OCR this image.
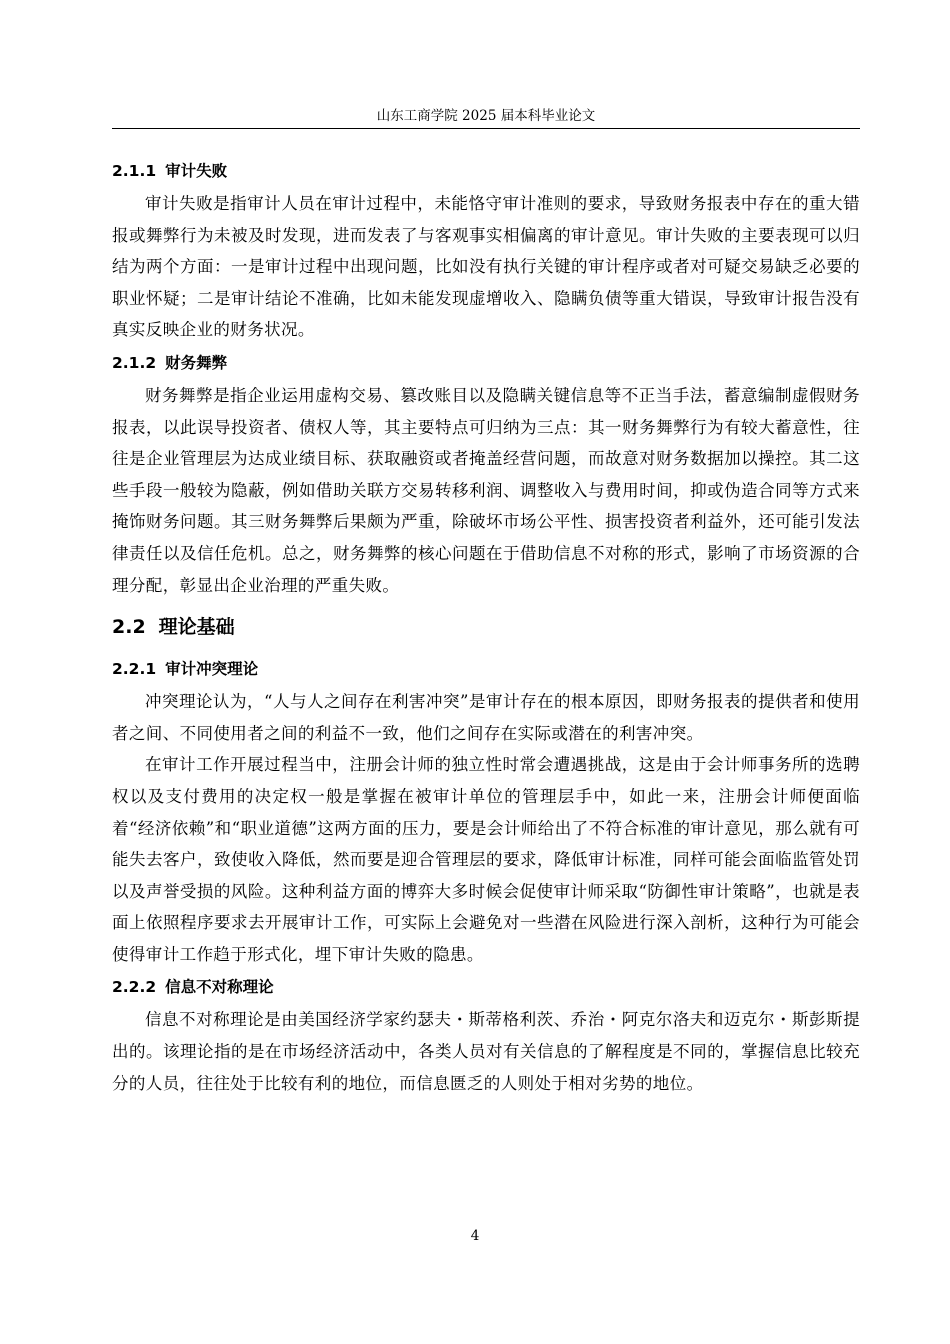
山东工商学院 2025 届本科毕业论文
2.1.1 审计失败

审计失败是指审计人员在审计过程中，未能恪守审计准则的要求，导致财务报表中存在的重大错报或舞弊行为未被及时发现，进而发表了与客观事实相偏离的审计意见。审计失败的主要表现可以归结为两个方面：一是审计过程中出现问题，比如没有执行关键的审计程序或者对可疑交易缺乏必要的职业怀疑；二是审计结论不准确，比如未能发现虚增收入、隐瞒负债等重大错误，导致审计报告没有真实反映企业的财务状况。

2.1.2 财务舞弊

财务舞弊是指企业运用虚构交易、篡改账目以及隐瞒关键信息等不正当手法，蓄意编制虚假财务报表，以此误导投资者、债权人等，其主要特点可归纳为三点：其一财务舞弊行为有较大蓄意性，往往是企业管理层为达成业绩目标、获取融资或者掩盖经营问题，而故意对财务数据加以操控。其二这些手段一般较为隐蔽，例如借助关联方交易转移利润、调整收入与费用时间，抑或伪造合同等方式来掩饰财务问题。其三财务舞弊后果颇为严重，除破坏市场公平性、损害投资者利益外，还可能引发法律责任以及信任危机。总之，财务舞弊的核心问题在于借助信息不对称的形式，影响了市场资源的合理分配，彰显出企业治理的严重失败。

2.2 理论基础
2.2.1 审计冲突理论

冲突理论认为，“人与人之间存在利害冲突”是审计存在的根本原因，即财务报表的提供者和使用者之间、不同使用者之间的利益不一致，他们之间存在实际或潜在的利害冲突。

在审计工作开展过程当中，注册会计师的独立性时常会遭遇挑战，这是由于会计师事务所的选聘权以及支付费用的决定权一般是掌握在被审计单位的管理层手中，如此一来，注册会计师便面临着“经济依赖”和“职业道德”这两方面的压力，要是会计师给出了不符合标准的审计意见，那么就有可能失去客户，致使收入降低，然而要是迎合管理层的要求，降低审计标准，同样可能会面临监管处罚以及声誉受损的风险。这种利益方面的博弈大多时候会促使审计师采取“防御性审计策略”，也就是表面上依照程序要求去开展审计工作，可实际上会避免对一些潜在风险进行深入剖析，这种行为可能会使得审计工作趋于形式化，埋下审计失败的隐患。

2.2.2 信息不对称理论

信息不对称理论是由美国经济学家约瑟夫・斯蒂格利茨、乔治・阿克尔洛夫和迈克尔・斯彭斯提出的。该理论指的是在市场经济活动中，各类人员对有关信息的了解程度是不同的，掌握信息比较充分的人员，往往处于比较有利的地位，而信息匮乏的人则处于相对劣势的地位。

4
